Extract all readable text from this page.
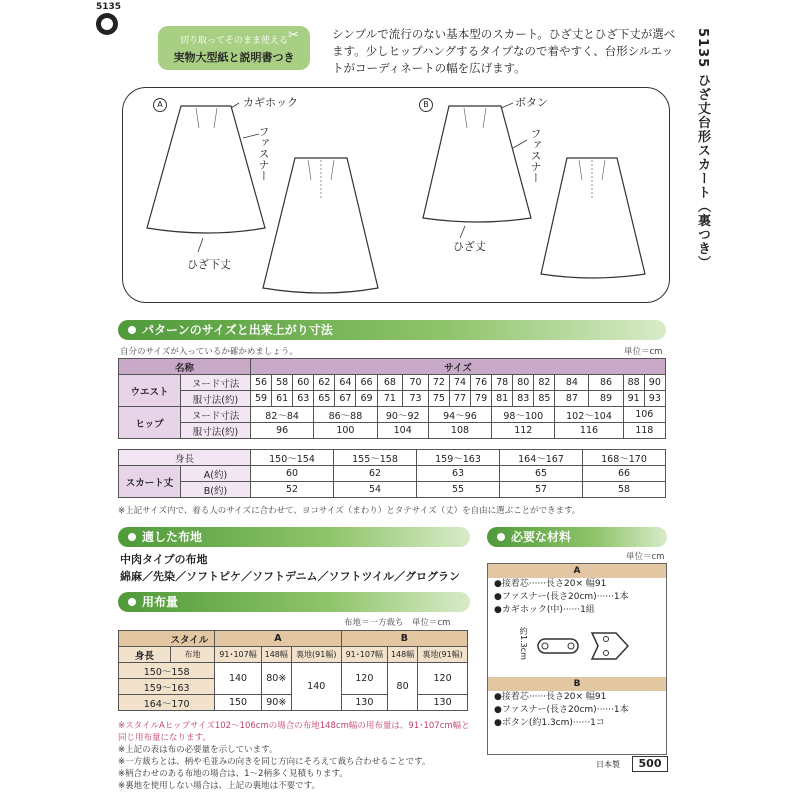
5135
切り取ってそのまま使える
実物大型紙と説明書つき
✂	シンプルで流行のない基本型のスカート。ひざ丈とひざ下丈が選べます。少しヒップハングするタイプなので着やすく、台形シルエットがコーディネートの幅を広げます。	5135 ひざ丈台形スカート（裏つき）
A	B
カギホック
ファスナー
ひざ下丈
ボタン
ファスナー
ひざ丈
パターンのサイズと出来上がり寸法
自分のサイズが入っているか確かめましょう。	単位＝cm
名称		サイズ																	
ウエスト	ヌード寸法	56	58	60	62	64	66	68	70	72	74	76	78	80	82	84	86	88	90
	服寸法(約)	59	61	63	65	67	69	71	73	75	77	79	81	83	85	87	89	91	93
ヒップ	ヌード寸法	82〜84			86〜88			90〜92		94〜96			98〜100			102〜104		106	
	服寸法(約)	96			100			104		108			112			116		118	
身長		150〜154	155〜158	159〜163	164〜167	168〜170
スカート丈	A(約)	60	62	63	65	66
	B(約)	52	54	55	57	58
※上記サイズ内で、着る人のサイズに合わせて、ヨコサイズ（まわり）とタテサイズ（丈）を自由に選ぶことができます。
適した布地
中肉タイプの布地
綿麻／先染／ソフトピケ／ソフトデニム／ソフトツイル／グログラン
用布量
布地＝一方裁ち　単位＝cm
スタイル		A			B		
身長	布地	91･107幅	148幅	裏地(91幅)	91･107幅	148幅	裏地(91幅)
150〜158		140	80※	140	120	80	120
159〜163							
164〜170		150	90※		130		130
※スタイルAヒップサイズ102〜106cmの場合の布地148cm幅の用布量は、91･107cm幅と同じ用布量になります。
※上記の表は布の必要量を示しています。
※一方裁ちとは、柄や毛並みの向きを同じ方向にそろえて裁ち合わせることです。
※柄合わせのある布地の場合は、1〜2柄多く見積もります。
※裏地を使用しない場合は、上記の裏地は不要です。
必要な材料
単位＝cm
A
●接着芯······長さ20× 幅91
●ファスナー(長さ20cm)······1本
●カギホック(中)······1組
約1.3cm
B
●接着芯······長さ20× 幅91
●ファスナー(長さ20cm)······1本
●ボタン(約1.3cm)······1コ
日本製	500
